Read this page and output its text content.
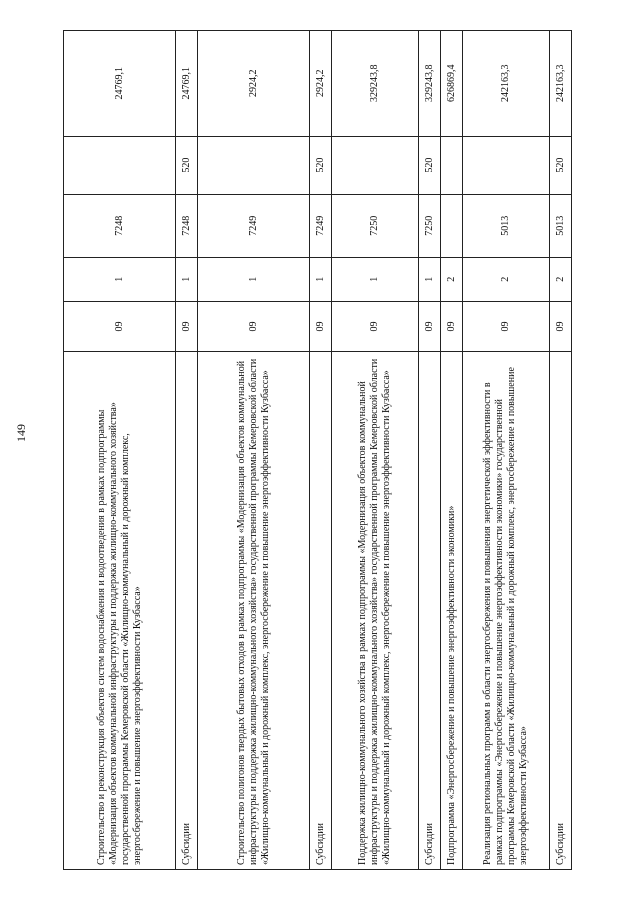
149	Строительство и реконструкция объектов систем водоснабжения и водоотведения в рамках подпрограммы «Модернизация объектов коммунальной инфраструктуры и поддержка жилищно-коммунального хозяйства» государственной программы Кемеровской области «Жилищно-коммунальный и дорожный комплекс, энергосбережение и повышение энергоэффективности Кузбасса»	09	1	7248		24769,1
Субсидии	09	1	7248	520	24769,1
Строительство полигонов твердых бытовых отходов в рамках подпрограммы «Модернизация объектов коммунальной инфраструктуры и поддержка жилищно-коммунального хозяйства» государственной программы Кемеровской области «Жилищно-коммунальный и дорожный комплекс, энергосбережение и повышение энергоэффективности Кузбасса»	09	1	7249		2924,2
Субсидии	09	1	7249	520	2924,2
Поддержка жилищно-коммунального хозяйства в рамках подпрограммы «Модернизация объектов коммунальной инфраструктуры и поддержка жилищно-коммунального хозяйства» государственной программы Кемеровской области «Жилищно-коммунальный и дорожный комплекс, энергосбережение и повышение энергоэффективности Кузбасса»	09	1	7250		329243,8
Субсидии	09	1	7250	520	329243,8
Подпрограмма «Энергосбережение и повышение энергоэффективности экономики»	09	2			626869,4
Реализация региональных программ в области энергосбережения и повышения энергетической эффективности в рамках подпрограммы «Энергосбережение и повышение энергоэффективности экономики» государственной программы Кемеровской области «Жилищно-коммунальный и дорожный комплекс, энергосбережение и повышение энергоэффективности Кузбасса»	09	2	5013		242163,3
Субсидии	09	2	5013	520	242163,3
